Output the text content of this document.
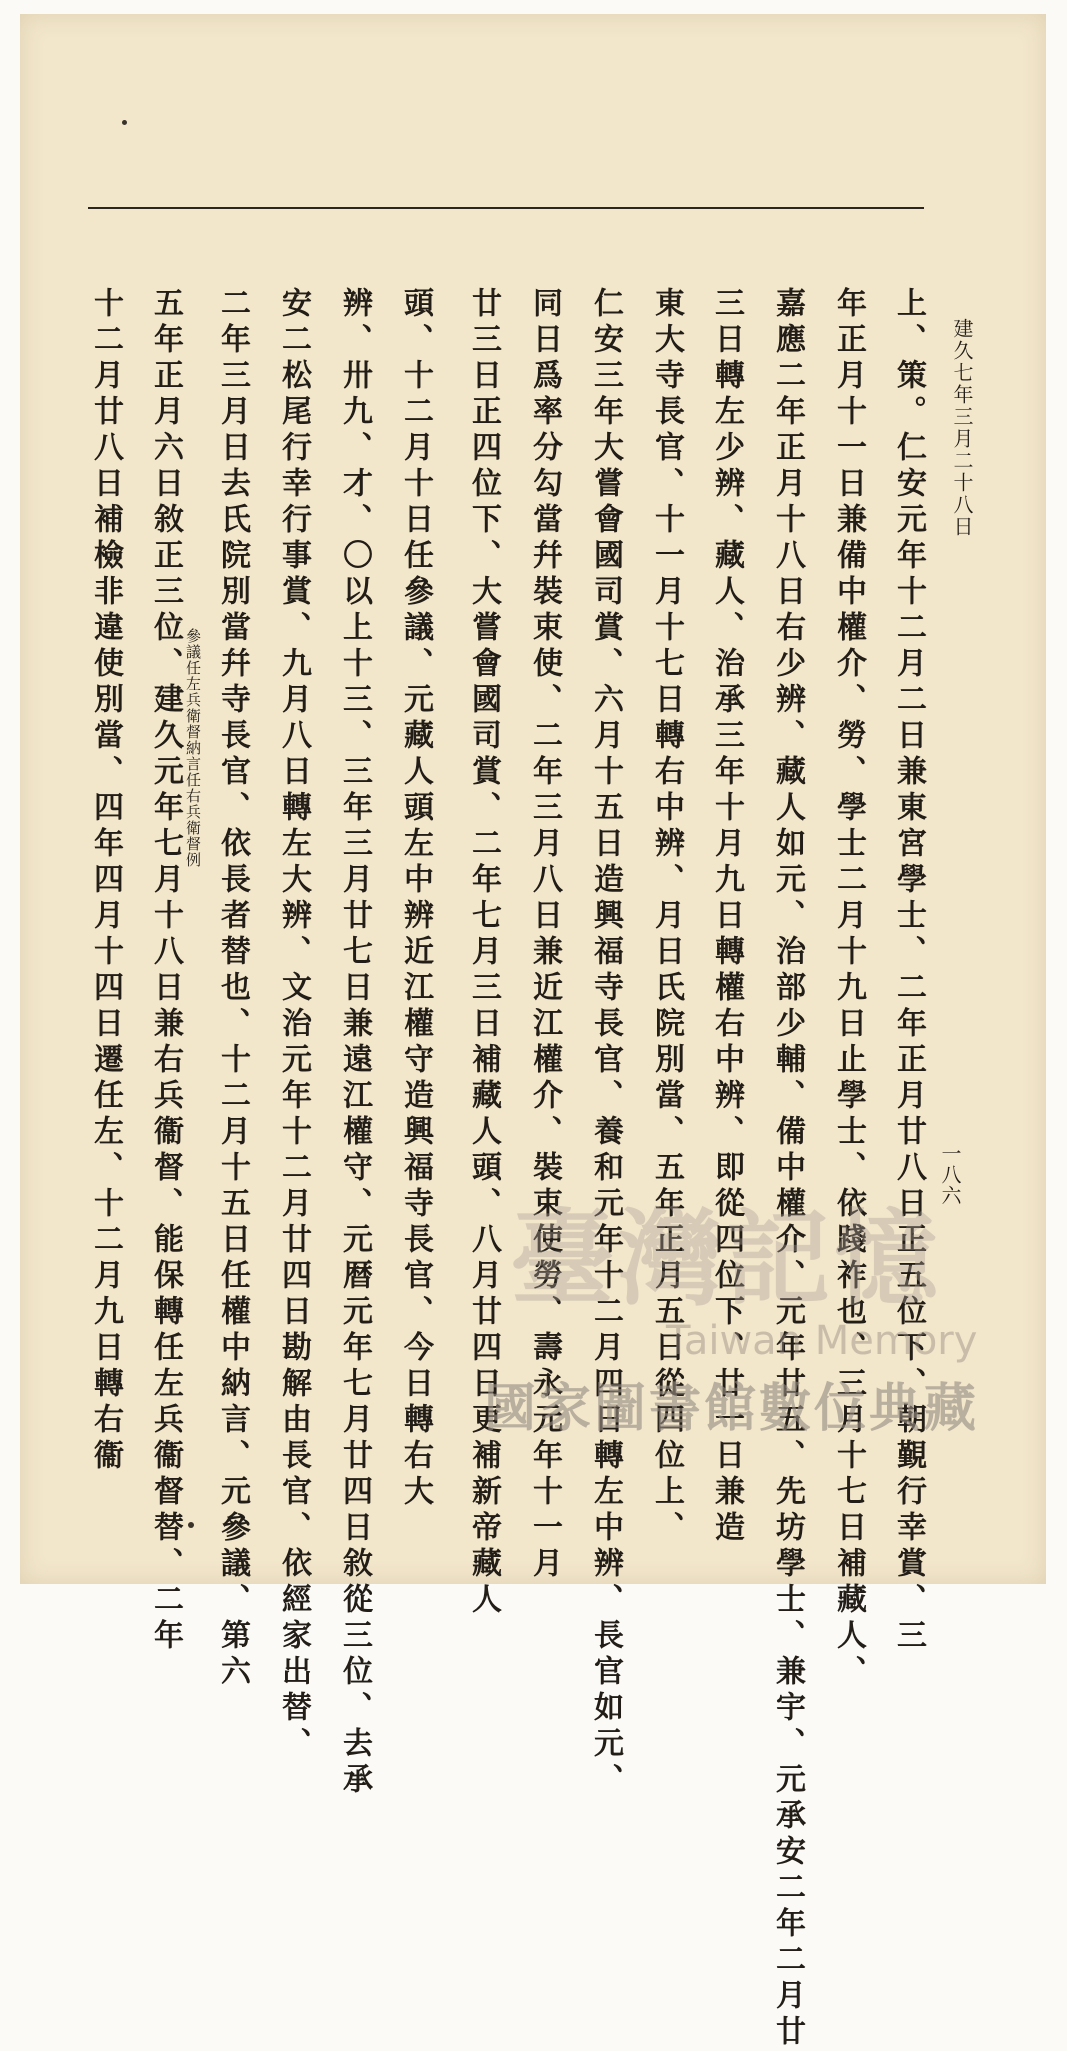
建久七年三月二十八日
上、策。仁安元年十二月二日兼東宮學士、二年正月廿八日正五位下、朝覲行幸賞、三
年正月十一日兼備中權介、勞、學士二月十九日止學士、依踐祚也、三月十七日補藏人、
嘉應二年正月十八日右少辨、藏人如元、治部少輔、備中權介、元年廿五、先坊學士、兼宇、元承安二年二月廿
三日轉左少辨、藏人、治承三年十月九日轉權右中辨、即從四位下、廿一日兼造
東大寺長官、十一月十七日轉右中辨、月日氏院別當、五年正月五日從四位上、
仁安三年大嘗會國司賞、六月十五日造興福寺長官、養和元年十二月四日轉左中辨、長官如元、
同日爲率分勾當幷裝束使、二年三月八日兼近江權介、裝束使勞、壽永元年十一月
廿三日正四位下、大嘗會國司賞、二年七月三日補藏人頭、八月廿四日更補新帝藏人
頭、十二月十日任參議、元藏人頭左中辨近江權守造興福寺長官、今日轉右大
辨、卅九、才、〇以上十三、三年三月廿七日兼遠江權守、元暦元年七月廿四日敘從三位、去承
安二松尾行幸行事賞、九月八日轉左大辨、文治元年十二月廿四日勘解由長官、依經家出替、
二年三月日去氏院別當幷寺長官、依長者替也、十二月十五日任權中納言、元參議、第六
五年正月六日敘正三位、建久元年七月十八日兼右兵衞督、能保轉任左兵衞督替、二年
十二月廿八日補檢非違使別當、四年四月十四日遷任左、十二月九日轉右衞	參議任左兵衛督納言任右兵衛督例
一八六
臺灣記憶
Taiwan Memory
國家圖書館數位典藏
